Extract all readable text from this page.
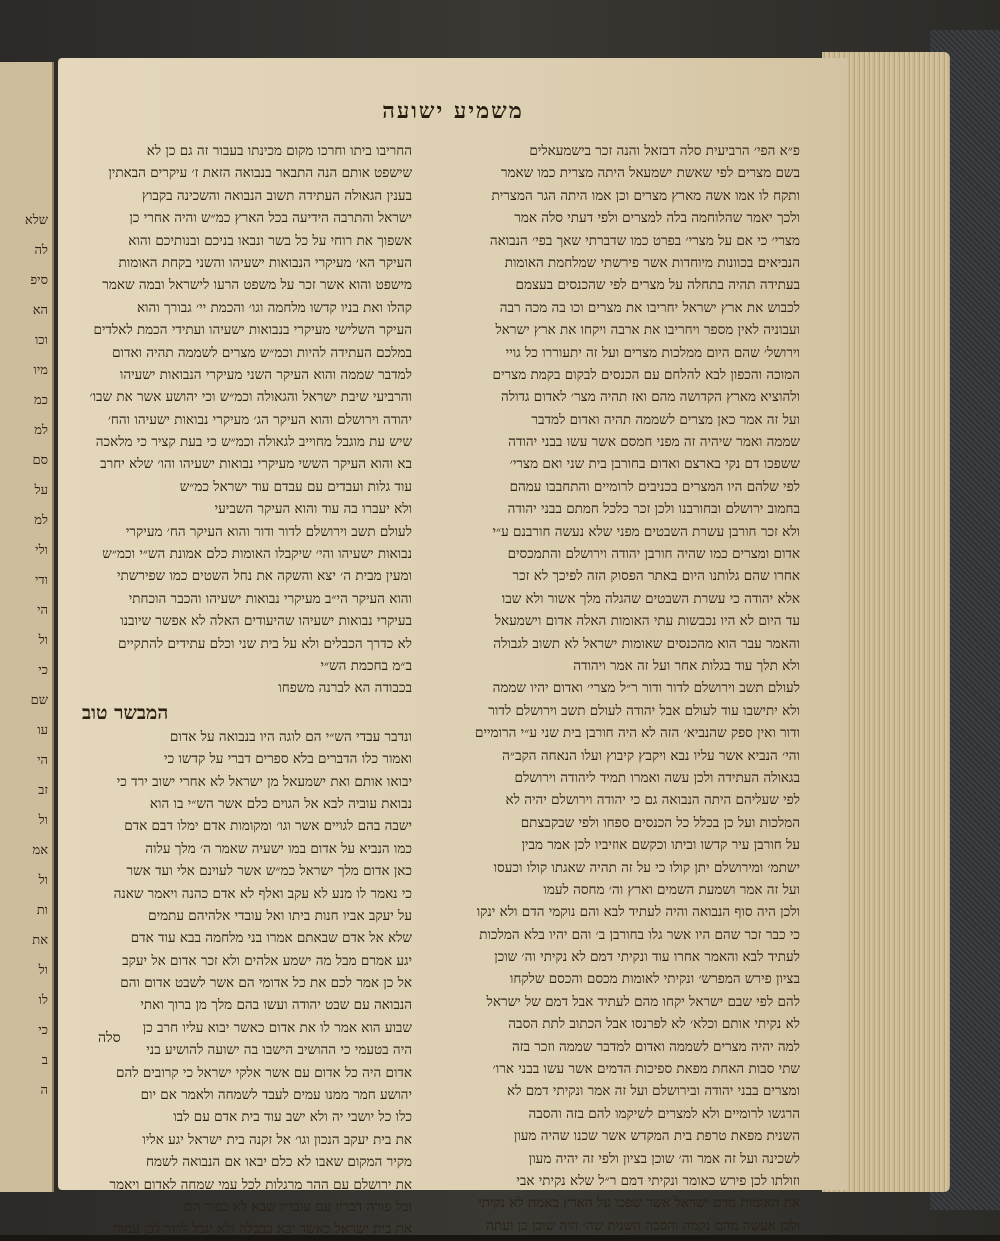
שלא
לה
סיפ
הא
וכו
מיו
כמ
למ
סם
על
למ
ולי
ודי
הי
ול
כי
שם
עו
הי
זב
ול
אמ
ול
ות
את
ול
לו
כי
ב
ה
משמיע ישועה
פ״א הפי׳ הרביעית סלה דבזאל והנה זכר בישמעאלים
בשם מצרים לפי שאשת ישמעאל היתה מצרית כמו שאמר
ותקח לו אמו אשה מארץ מצרים וכן אמו היתה הגר המצרית
ולכך יאמר שהלוחמה בלה למצרים ולפי דעתי סלה אמר
מצרי׳ כי אם על מצרי׳ בפרט כמו שדברתי שאך בפי׳ הנבואה
הנביאים בכוונות מיוחדות אשר פירשתי שמלחמת האומות
בעתידה תהיה בתחלה על מצרים לפי שהכנסים בעצמם
לכבוש את ארץ ישראל יחריבו את מצרים וכו בה מכה רבה
ועבוניה לאין מספר ויחריבו את ארבה ויקחו את ארץ ישראל
וירושל׳ שהם היום ממלכות מצרים ועל זה יתעוררו כל גויי
המוכה והכפון לבא להלחם עם הכנסים לבקום בקמת מצרים
ולהוציא מארץ הקדושה מהם ואז תהיה מצר׳ לאדום גדולה
ועל זה אמר כאן מצרים לשממה תהיה ואדום למדבר
שממה ואמר שיהיה זה מפני חמסם אשר עשו בבני יהודה
ששפכו דם נקי בארצם ואדום בחורבן בית שני ואם מצרי׳
לפי שלהם היו המצרים בכניבים לרומיים והתחבבו עמהם
בחמוב ירושלם ובחורבנו ולכן זכר כלכל חמתם בבני יהודה
ולא זכר חורבן עשרת השבטים מפני שלא נעשה חורבנם ע״י
אדום ומצרים כמו שהיה חורבן יהודה וירושלם והתמכסים
אחרו שהם גלותנו היום באתר הפסוק הזה לפיכך לא זכר
אלא יהודה כי עשרת השבטים שהגלה מלך אשור ולא שבו
עד היום לא היו נכבשות עתי האומות האלה אדום וישמעאל
והאמר עבר הוא מהכנסים שאומות ישראל לא תשוב לגבולה
ולא תלך עוד בגלות אחר ועל זה אמר ויהודה
לעולם תשב וירושלם לדור ודור ר״ל מצרי׳ ואדום יהיו שממה
ולא יתישבו עוד לעולם אבל יהודה לעולם תשב וירושלם לדור
ודור ואין ספק שהנביא׳ הזה לא היה חורבן בית שני ע״י הרומיים
והי׳ הנביא אשר עליו נבא ויקבץ קיבוץ ועלו הנאחה הקב״ה
בגאולה העתידה ולכן עשה ואמרו תמיד ליהודה וירושלם
לפי שעליהם היתה הנבואה גם כי יהודה וירושלם יהיה לא
המלכות ועל כן בכלל כל הכנסים ספחו ולפי שבקבצתם
על חורבן עיר קדשו וביתו וכקשם אוזיביו לכן אמר מבין
ישתמ׳ ומירושלם יתן קולו כי על זה תהיה שאגתו קולו וכעסו
ועל זה אמר ושמעת השמים וארץ וה׳ מחסה לעמו
ולכן היה סוף הנבואה והיה לעתיד לבא והם נוקמי הדם ולא ינקו
כי כבר זכר שהם היו אשר גלו בחורבן ב׳ והם יהיו בלא המלכות
לעתיד לבא והאמר אחרו עוד ונקיתי דמם לא נקיתי וה׳ שוכן
בציון פירש המפרש׳ ונקיתי לאומות מכסם והכסם שלקחו
להם לפי שבם ישראל יקחו מהם לעתיד אבל דמם של ישראל
לא נקיתי אותם וכלא׳ לא לפרנסו אבל הכתוב לתת הסבה
למה יהיה מצרים לשממה ואדום למדבר שממה וזכר בזה
שתי סבות האחת מפאת ספיכות הדמים אשר עשו בבני ארו׳
ומצרים בבני יהודה ובירושלם ועל זה אמר ונקיתי דמם לא
הרגשו לרומיים ולא למצרים לשיקמו להם בזה והסבה
השנית מפאת טרפת בית המקדש אשר שכנו שהיה מעון
לשכינה ועל זה אמר וה׳ שוכן בציון ולפי זה יהיה מעון
וזולתו לכן פירש כאומר ונקיתי דמם ר״ל שלא נקיתי אבי
את האומות מדם ישראל אשר שפכו על הארץ באמת לא נקיתי
ולכן אעשה מהם נקמה והסבה השנית שה׳ היה שוכן כן ועתה
החריבו ביתו וחרכו מקום מכינתו בעבור זה גם כן לא
שישפט אותם הנה התבאר בנבואה הזאת ז׳ עיקרים הבאתין
בענין הגאולה העתידה תשוב הנבואה והשכינה בקבוץ
ישראל והתרבה הידיעה בכל הארץ כמ״ש והיה אחרי כן
אשפוך את רוחי על כל בשר ונבאו בניכם ובנותיכם והוא
העיקר הא׳ מעיקרי הנבואות ישעיהו והשני בקחת האומות
מישפט והוא אשר זכר על משפט הרעו לישראל ובמה שאמר
קהלו ואת בניו קדשו מלחמה וגו׳ והכמת יי׳ גבורך והוא
העיקר השלישי מעיקרי בנבואות ישעיהו ועתידי הכמת לאלדים
במלכם העתידה להיות וכמ״ש מצרים לשממה תהיה ואדום
למדבר שממה והוא העיקר השני מעיקרי הנבואות ישעיהו
והרביעי שיבת ישראל והגאולה וכמ״ש וכי יהושע אשר את שבו׳
יהודה וירושלם והוא העיקר הג׳ מעיקרי נבואות ישעיהו והח׳
שיש עת מוגבל מחוייב לגאולה וכמ״ש כי בעת קציר כי מלאכה
בא והוא העיקר הששי מעיקרי נבואות ישעיהו והו׳ שלא יחרב
עוד גלות ועבדים עם עבדם עוד ישראל כמ״ש
ולא יעברו בה עוד והוא העיקר השביעי
לעולם תשב וירושלם לדור ודור והוא העיקר הח׳ מעיקרי
נבואות ישעיהו והי׳ שיקבלו האומות כלם אמונת הש״י וכמ״ש
ומעין מבית ה׳ יצא והשקה את נחל השטים כמו שפירשתי
והוא העיקר הי״ב מעיקרי נבואות ישעיהו והכבר הוכחתי
בעיקרי נבואות ישעיהו שהיעודים האלה לא אפשר שיובנו
לא כדרך הכבלים ולא על בית שני וכלם עתידים להתקיים
ב״מ בחכמת הש״י
בכבודה הא לברנה משפחו
המבשר טוב
ונדבר עבדי הש״י הם לוגה היו בנבואה על אדום
ואמור כלו הדברים בלא ספרים דברי על קדשו כי
יבואו אותם ואת ישמעאל מן ישראל לא אחרי ישוב ירד כי
נבואת עוביה לבא אל הגוים כלם אשר הש״י בו הוא
ישבה בהם לגויים אשר וגו׳ ומקומות אדם ימלו דבם אדם
כמו הנביא על אדום במו ישעיה שאמר ה׳ מלך עלוה
כאן אדום מלך ישראל כמ״ש אשר לעוינם אלי ועד אשר
כי נאמר לו מנע לא עקב ואלף לא אדם כהנה ויאמר שאנה
על יעקב אביו חנות ביתו ואל עובדי אלהיהם עתמים
שלא אל אדם שבאתם אמרו בני מלחמה בבא עוד אדם
יגע אמרם מבל מה ישמע אלהים ולא זכר אדום אל יעקב
אל כן אמר לכם את כל אדומי הם אשר לשבט אדום והם
הנבואה עם שבט יהודה ועשו בהם מלך מן ברוך ואתי
שבוע הוא אמר לו את אדום כאשר יבוא עליו חרב כן
היה בטעמי כי ההושיב הישבו בה ישועה להושיע בני
אדום היה כל אדום עם אשר אלקי ישראל כי קרובים להם
יהושע חמר ממנו עמים לעבד לשמחה ולאמר אם יום
כלו כל יושבי יה ולא ישב עוד בית אדם עם לבו
את בית יעקב הנכון וגו׳ אל זקנה בית ישראל יגע אליו
מקיר המקום שאבו לא כלם יבאו אם הנבואה לשמח
את ירושלם עם ההר מרגלות לכל עמי שמחה לאדום ויאמר
ובל פורה דבריו עם עובדיו שבא לא כפור הם
את בית ישראל כאשר יבא בבבלה ולא יגבל לרור לבן עמור
סלה
